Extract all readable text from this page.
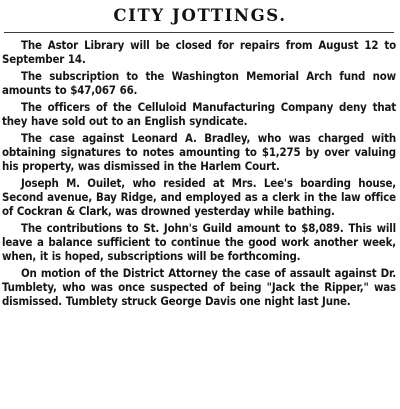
CITY JOTTINGS.

The Astor Library will be closed for repairs from August 12 to September 14.

The subscription to the Washington Memorial Arch fund now amounts to $47,067 66.

The officers of the Celluloid Manufacturing Company deny that they have sold out to an English syndicate.

The case against Leonard A. Bradley, who was charged with obtaining signatures to notes amounting to $1,275 by over valuing his property, was dismissed in the Harlem Court.

Joseph M. Ouilet, who resided at Mrs. Lee's boarding house, Second avenue, Bay Ridge, and employed as a clerk in the law office of Cockran & Clark, was drowned yesterday while bathing.

The contributions to St. John's Guild amount to $8,089. This will leave a balance sufficient to continue the good work another week, when, it is hoped, subscriptions will be forthcoming.

On motion of the District Attorney the case of assault against Dr. Tumblety, who was once suspected of being "Jack the Ripper," was dismissed. Tumblety struck George Davis one night last June.
